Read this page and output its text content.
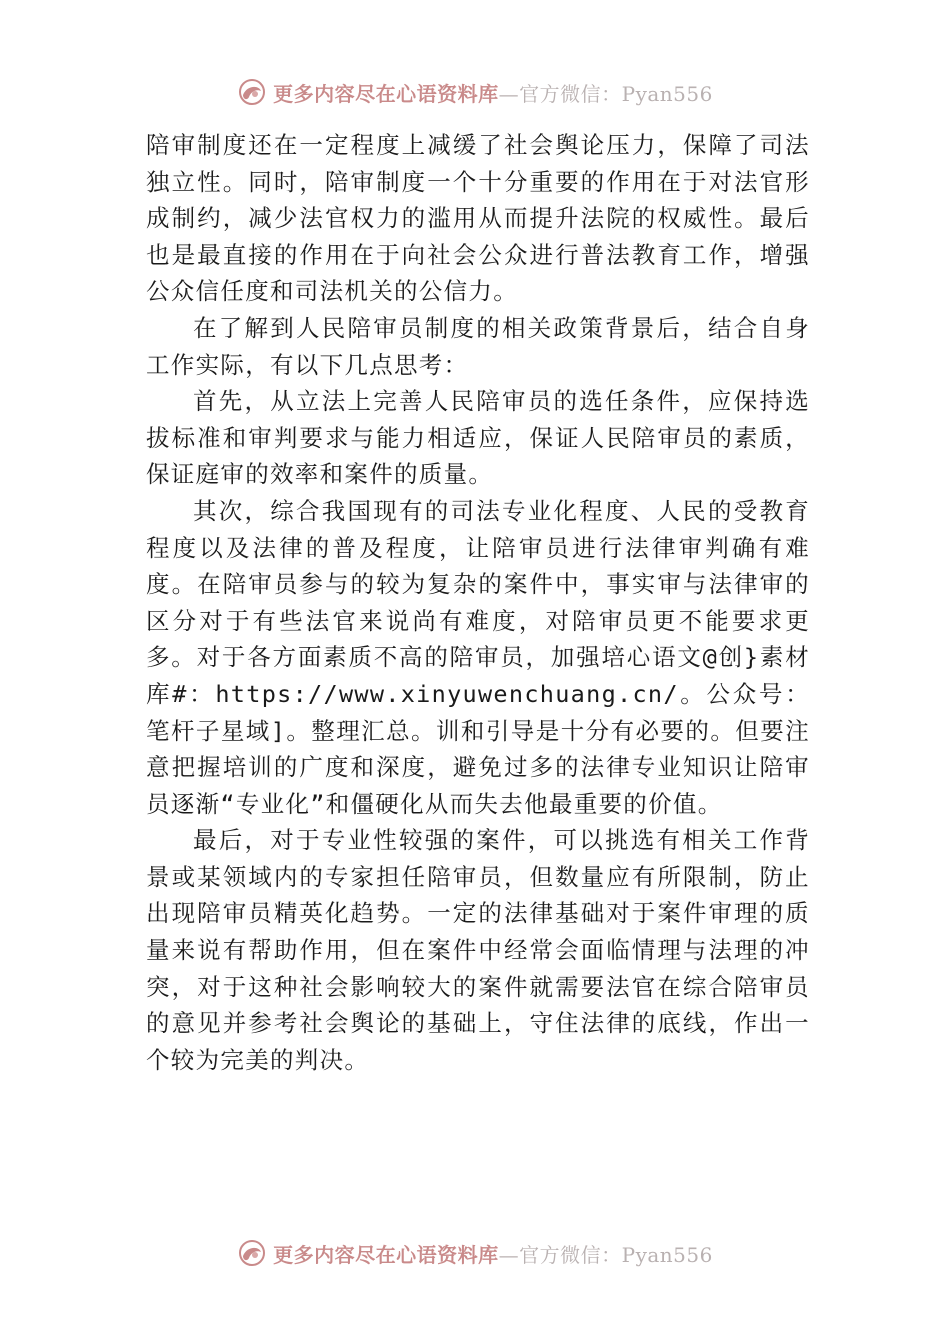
更多内容尽在心语资料库—官方微信：Pyan556

陪审制度还在一定程度上减缓了社会舆论压力，保障了司法独立性。同时，陪审制度一个十分重要的作用在于对法官形成制约，减少法官权力的滥用从而提升法院的权威性。最后也是最直接的作用在于向社会公众进行普法教育工作，增强公众信任度和司法机关的公信力。

在了解到人民陪审员制度的相关政策背景后，结合自身工作实际，有以下几点思考：

首先，从立法上完善人民陪审员的选任条件，应保持选拔标准和审判要求与能力相适应，保证人民陪审员的素质， 保证庭审的效率和案件的质量。

其次，综合我国现有的司法专业化程度、人民的受教育程度以及法律的普及程度，让陪审员进行法律审判确有难 度。在陪审员参与的较为复杂的案件中，事实审与法律审的区分对于有些法官来说尚有难度，对陪审员更不能要求更 多。对于各方面素质不高的陪审员，加强培心语文@创}素材库#：https://www.xinyuwenchuang.cn/。公众号：笔杆子星域]。整理汇总。训和引导是十分有必要的。但要注意把握培训的广度和深度，避免过多的法律专业知识让陪审员逐渐“专业化”和僵硬化从而失去他最重要的价值。

最后，对于专业性较强的案件，可以挑选有相关工作背景或某领域内的专家担任陪审员，但数量应有所限制，防止出现陪审员精英化趋势。一定的法律基础对于案件审理的质量来说有帮助作用，但在案件中经常会面临情理与法理的冲突，对于这种社会影响较大的案件就需要法官在综合陪审员的意见并参考社会舆论的基础上，守住法律的底线，作出一个较为完美的判决。

更多内容尽在心语资料库—官方微信：Pyan556
